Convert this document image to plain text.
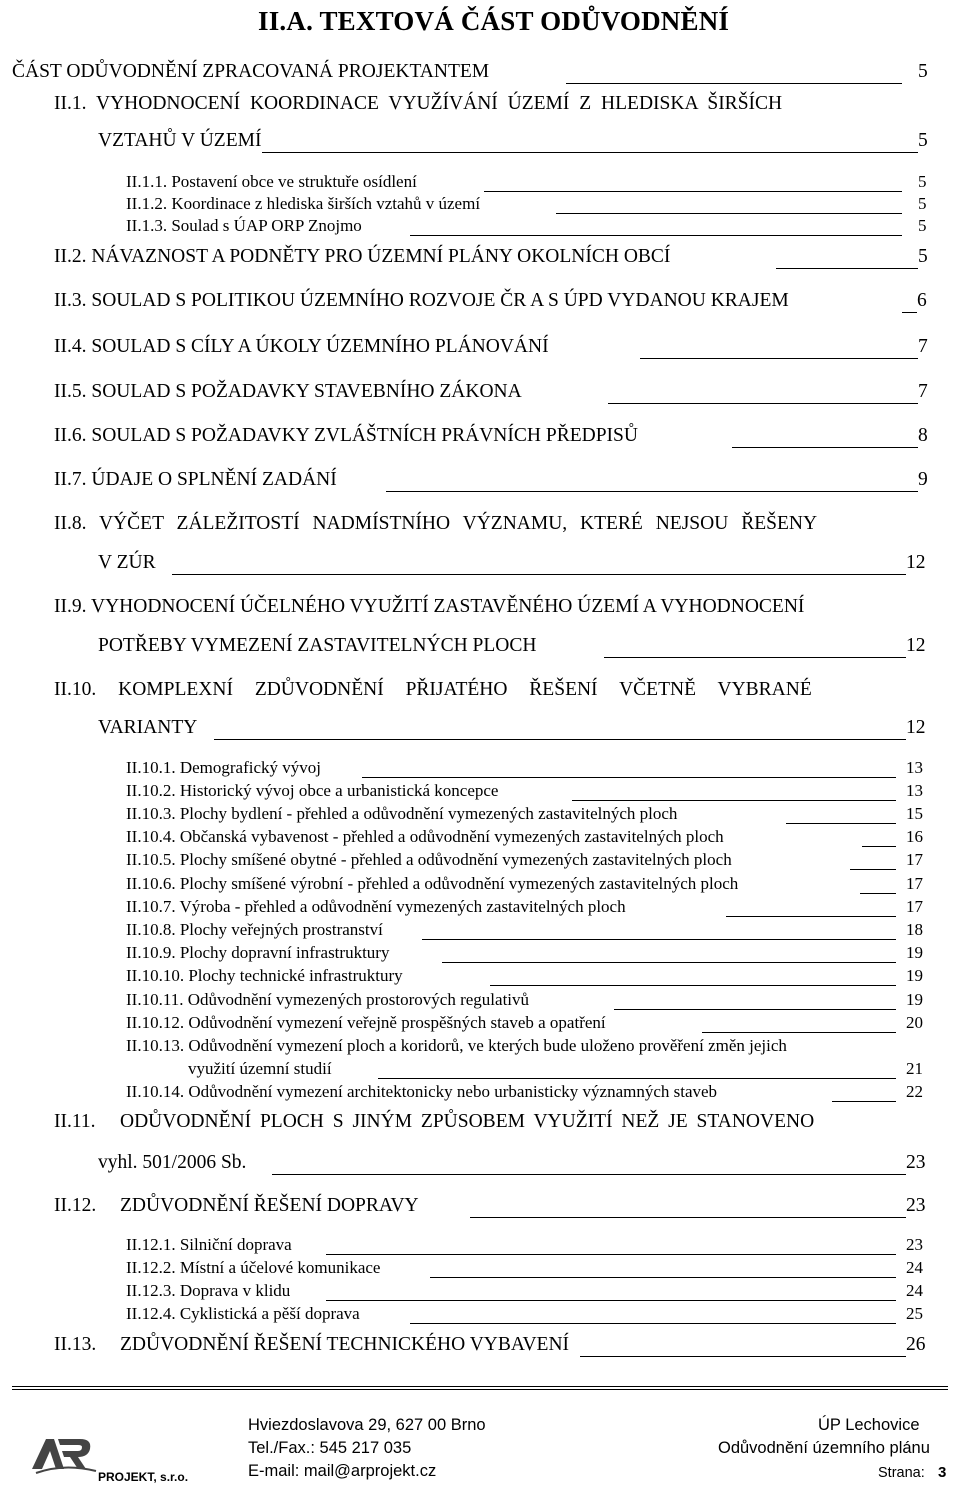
II.A. TEXTOVÁ ČÁST ODŮVODNĚNÍ
ČÁST ODŮVODNĚNÍ ZPRACOVANÁ PROJEKTANTEM	5
II.1. VYHODNOCENÍ KOORDINACE VYUŽÍVÁNÍ ÚZEMÍ Z HLEDISKA ŠIRŠÍCH
VZTAHŮ V ÚZEMÍ	5
II.1.1. Postavení obce ve struktuře osídlení	5
II.1.2. Koordinace z hlediska širších vztahů v území	5
II.1.3. Soulad s ÚAP ORP Znojmo	5
II.2. NÁVAZNOST A PODNĚTY PRO ÚZEMNÍ PLÁNY OKOLNÍCH OBCÍ	5
II.3. SOULAD S POLITIKOU ÚZEMNÍHO ROZVOJE ČR A S ÚPD VYDANOU KRAJEM	6
II.4. SOULAD S CÍLY A ÚKOLY ÚZEMNÍHO PLÁNOVÁNÍ	7
II.5. SOULAD S POŽADAVKY STAVEBNÍHO ZÁKONA	7
II.6. SOULAD S POŽADAVKY ZVLÁŠTNÍCH PRÁVNÍCH PŘEDPISŮ	8
II.7. ÚDAJE O SPLNĚNÍ ZADÁNÍ	9
II.8. VÝČET ZÁLEŽITOSTÍ NADMÍSTNÍHO VÝZNAMU, KTERÉ NEJSOU ŘEŠENY
V ZÚR	12
II.9. VYHODNOCENÍ ÚČELNÉHO VYUŽITÍ ZASTAVĚNÉHO ÚZEMÍ A VYHODNOCENÍ
POTŘEBY VYMEZENÍ ZASTAVITELNÝCH PLOCH	12
II.10. KOMPLEXNÍ ZDŮVODNĚNÍ PŘIJATÉHO ŘEŠENÍ VČETNĚ VYBRANÉ
VARIANTY	12
II.10.1. Demografický vývoj	13
II.10.2. Historický vývoj obce a urbanistická koncepce	13
II.10.3. Plochy bydlení - přehled a odůvodnění vymezených zastavitelných ploch	15
II.10.4. Občanská vybavenost - přehled a odůvodnění vymezených zastavitelných ploch	16
II.10.5. Plochy smíšené obytné - přehled a odůvodnění vymezených zastavitelných ploch	17
II.10.6. Plochy smíšené výrobní - přehled a odůvodnění vymezených zastavitelných ploch	17
II.10.7. Výroba - přehled a odůvodnění vymezených zastavitelných ploch	17
II.10.8. Plochy veřejných prostranství	18
II.10.9. Plochy dopravní infrastruktury	19
II.10.10. Plochy technické infrastruktury	19
II.10.11. Odůvodnění vymezených prostorových regulativů	19
II.10.12. Odůvodnění vymezení veřejně prospěšných staveb a opatření	20
II.10.13. Odůvodnění vymezení ploch a koridorů, ve kterých bude uloženo prověření změn jejich
využití územní studií	21
II.10.14. Odůvodnění vymezení architektonicky nebo urbanisticky významných staveb	22
II.11. ODŮVODNĚNÍ PLOCH S JINÝM ZPŮSOBEM VYUŽITÍ NEŽ JE STANOVENO
vyhl. 501/2006 Sb.	23
II.12. ZDŮVODNĚNÍ ŘEŠENÍ DOPRAVY	23
II.12.1. Silniční doprava	23
II.12.2. Místní a účelové komunikace	24
II.12.3. Doprava v klidu	24
II.12.4. Cyklistická a pěší doprava	25
II.13. ZDŮVODNĚNÍ ŘEŠENÍ TECHNICKÉHO VYBAVENÍ	26
AR
PROJEKT, s.r.o.
Hviezdoslavova 29, 627 00 Brno
Tel./Fax.: 545 217 035
E-mail: mail@arprojekt.cz
ÚP Lechovice
Odůvodnění územního plánu
Strana: 3
